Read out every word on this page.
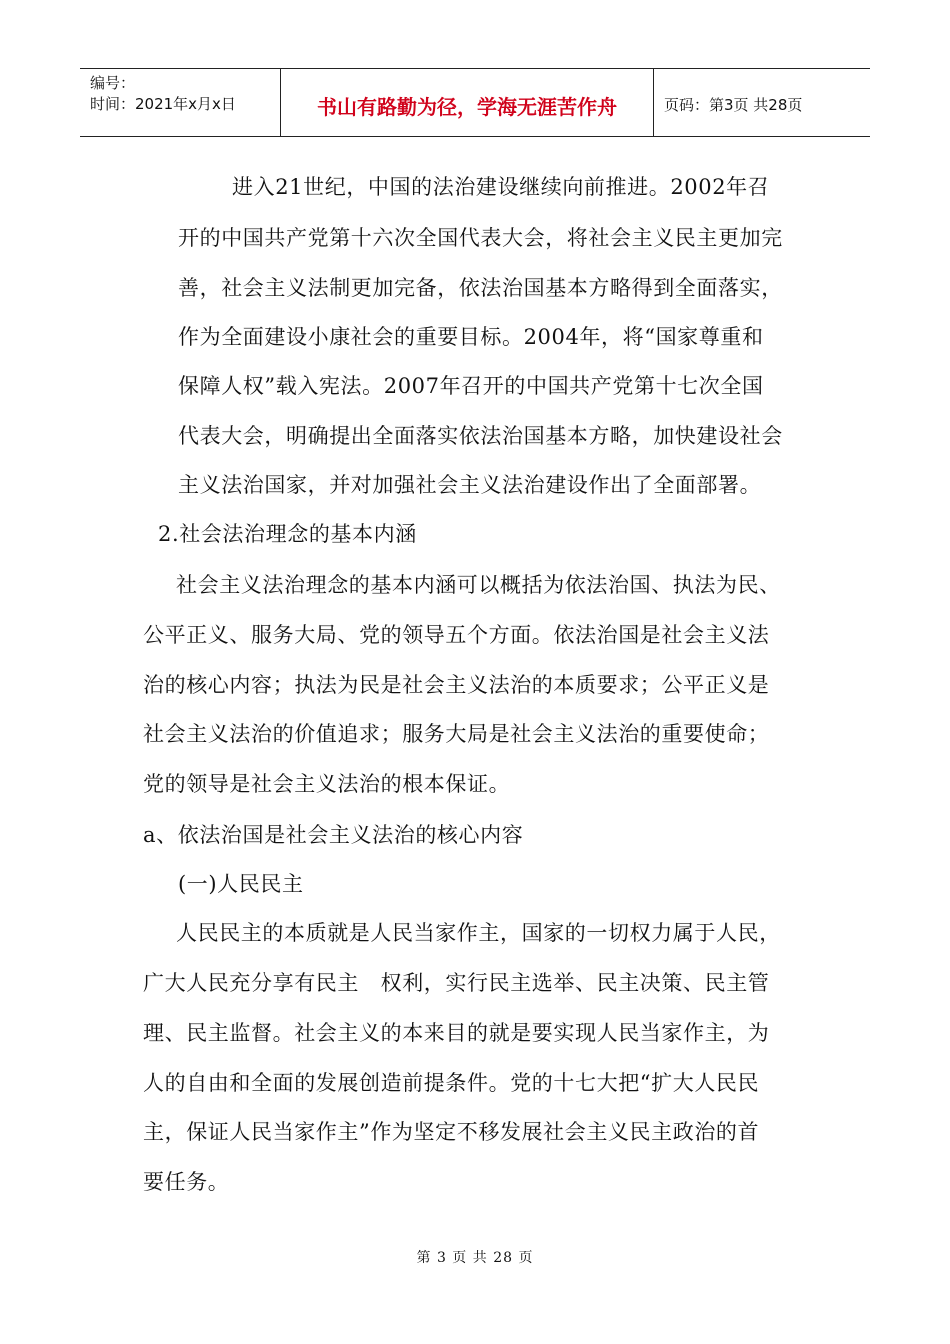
编号：
时间：2021年x月x日	书山有路勤为径，学海无涯苦作舟	页码：第3页 共28页
进入21世纪，中国的法治建设继续向前推进。2002年召
开的中国共产党第十六次全国代表大会，将社会主义民主更加完
善，社会主义法制更加完备，依法治国基本方略得到全面落实，
作为全面建设小康社会的重要目标。2004年，将“国家尊重和
保障人权”载入宪法。2007年召开的中国共产党第十七次全国
代表大会，明确提出全面落实依法治国基本方略，加快建设社会
主义法治国家，并对加强社会主义法治建设作出了全面部署。
2.社会法治理念的基本内涵
社会主义法治理念的基本内涵可以概括为依法治国、执法为民、
公平正义、服务大局、党的领导五个方面。依法治国是社会主义法
治的核心内容；执法为民是社会主义法治的本质要求；公平正义是
社会主义法治的价值追求；服务大局是社会主义法治的重要使命；
党的领导是社会主义法治的根本保证。
a、依法治国是社会主义法治的核心内容
(一)人民民主
人民民主的本质就是人民当家作主，国家的一切权力属于人民，
广大人民充分享有民主　权利，实行民主选举、民主决策、民主管
理、民主监督。社会主义的本来目的就是要实现人民当家作主，为
人的自由和全面的发展创造前提条件。党的十七大把“扩大人民民
主，保证人民当家作主”作为坚定不移发展社会主义民主政治的首
要任务。
第 3 页 共 28 页
